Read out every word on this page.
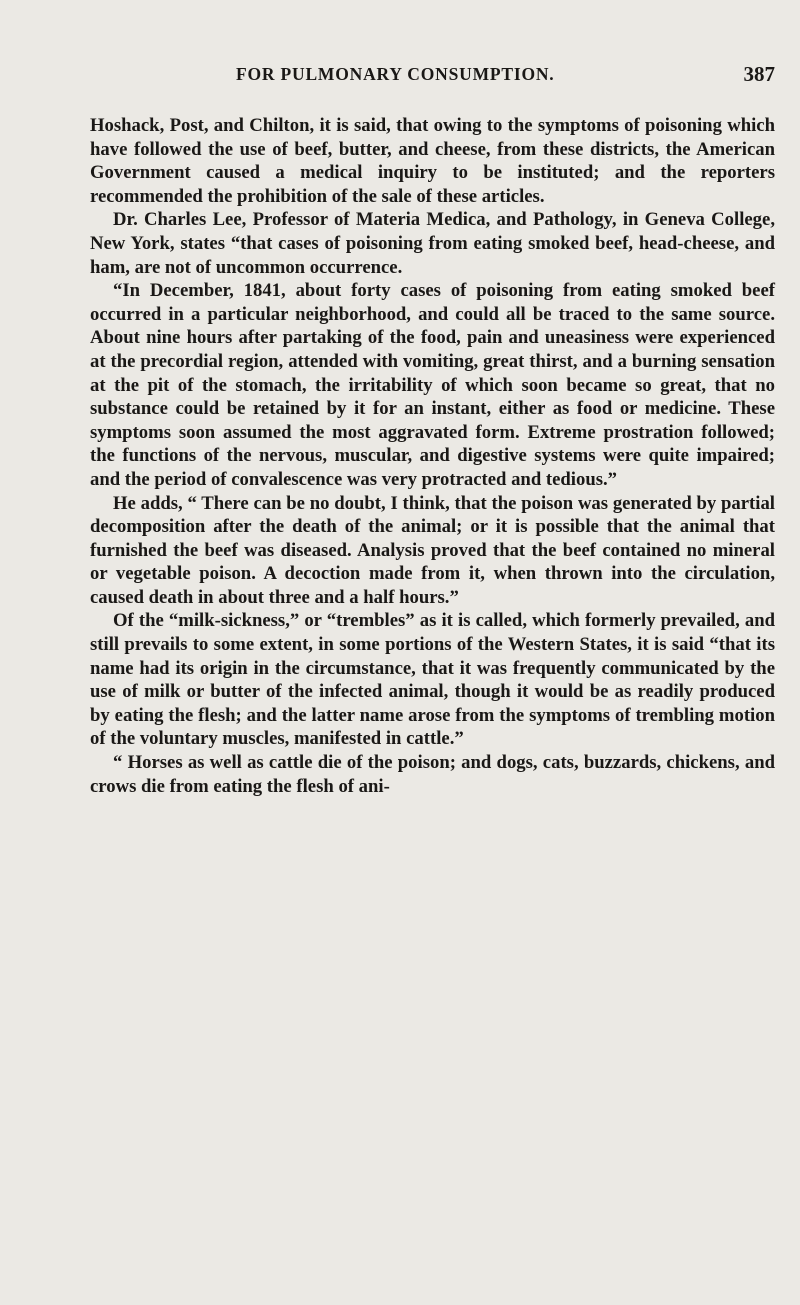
FOR PULMONARY CONSUMPTION.	387

Hoshack, Post, and Chilton, it is said, that owing to the symptoms of poisoning which have followed the use of beef, butter, and cheese, from these districts, the American Government caused a medical inquiry to be instituted; and the reporters recommended the prohibition of the sale of these articles.

Dr. Charles Lee, Professor of Materia Medica, and Pathology, in Geneva College, New York, states “that cases of poisoning from eating smoked beef, head-cheese, and ham, are not of uncommon occurrence.

“In December, 1841, about forty cases of poisoning from eating smoked beef occurred in a particular neighborhood, and could all be traced to the same source. About nine hours after partaking of the food, pain and uneasiness were experienced at the precordial region, attended with vomiting, great thirst, and a burning sensation at the pit of the stomach, the irritability of which soon became so great, that no substance could be retained by it for an instant, either as food or medicine. These symptoms soon assumed the most aggravated form. Extreme prostration followed; the functions of the nervous, muscular, and digestive systems were quite impaired; and the period of convalescence was very protracted and tedious.”

He adds, “ There can be no doubt, I think, that the poison was generated by partial decomposition after the death of the animal; or it is possible that the animal that furnished the beef was diseased. Analysis proved that the beef contained no mineral or vegetable poison. A decoction made from it, when thrown into the circulation, caused death in about three and a half hours.”

Of the “milk-sickness,” or “trembles” as it is called, which formerly prevailed, and still prevails to some extent, in some portions of the Western States, it is said “that its name had its origin in the circumstance, that it was frequently communicated by the use of milk or butter of the infected animal, though it would be as readily produced by eating the flesh; and the latter name arose from the symptoms of trembling motion of the voluntary muscles, manifested in cattle.”

“ Horses as well as cattle die of the poison; and dogs, cats, buzzards, chickens, and crows die from eating the flesh of ani-
